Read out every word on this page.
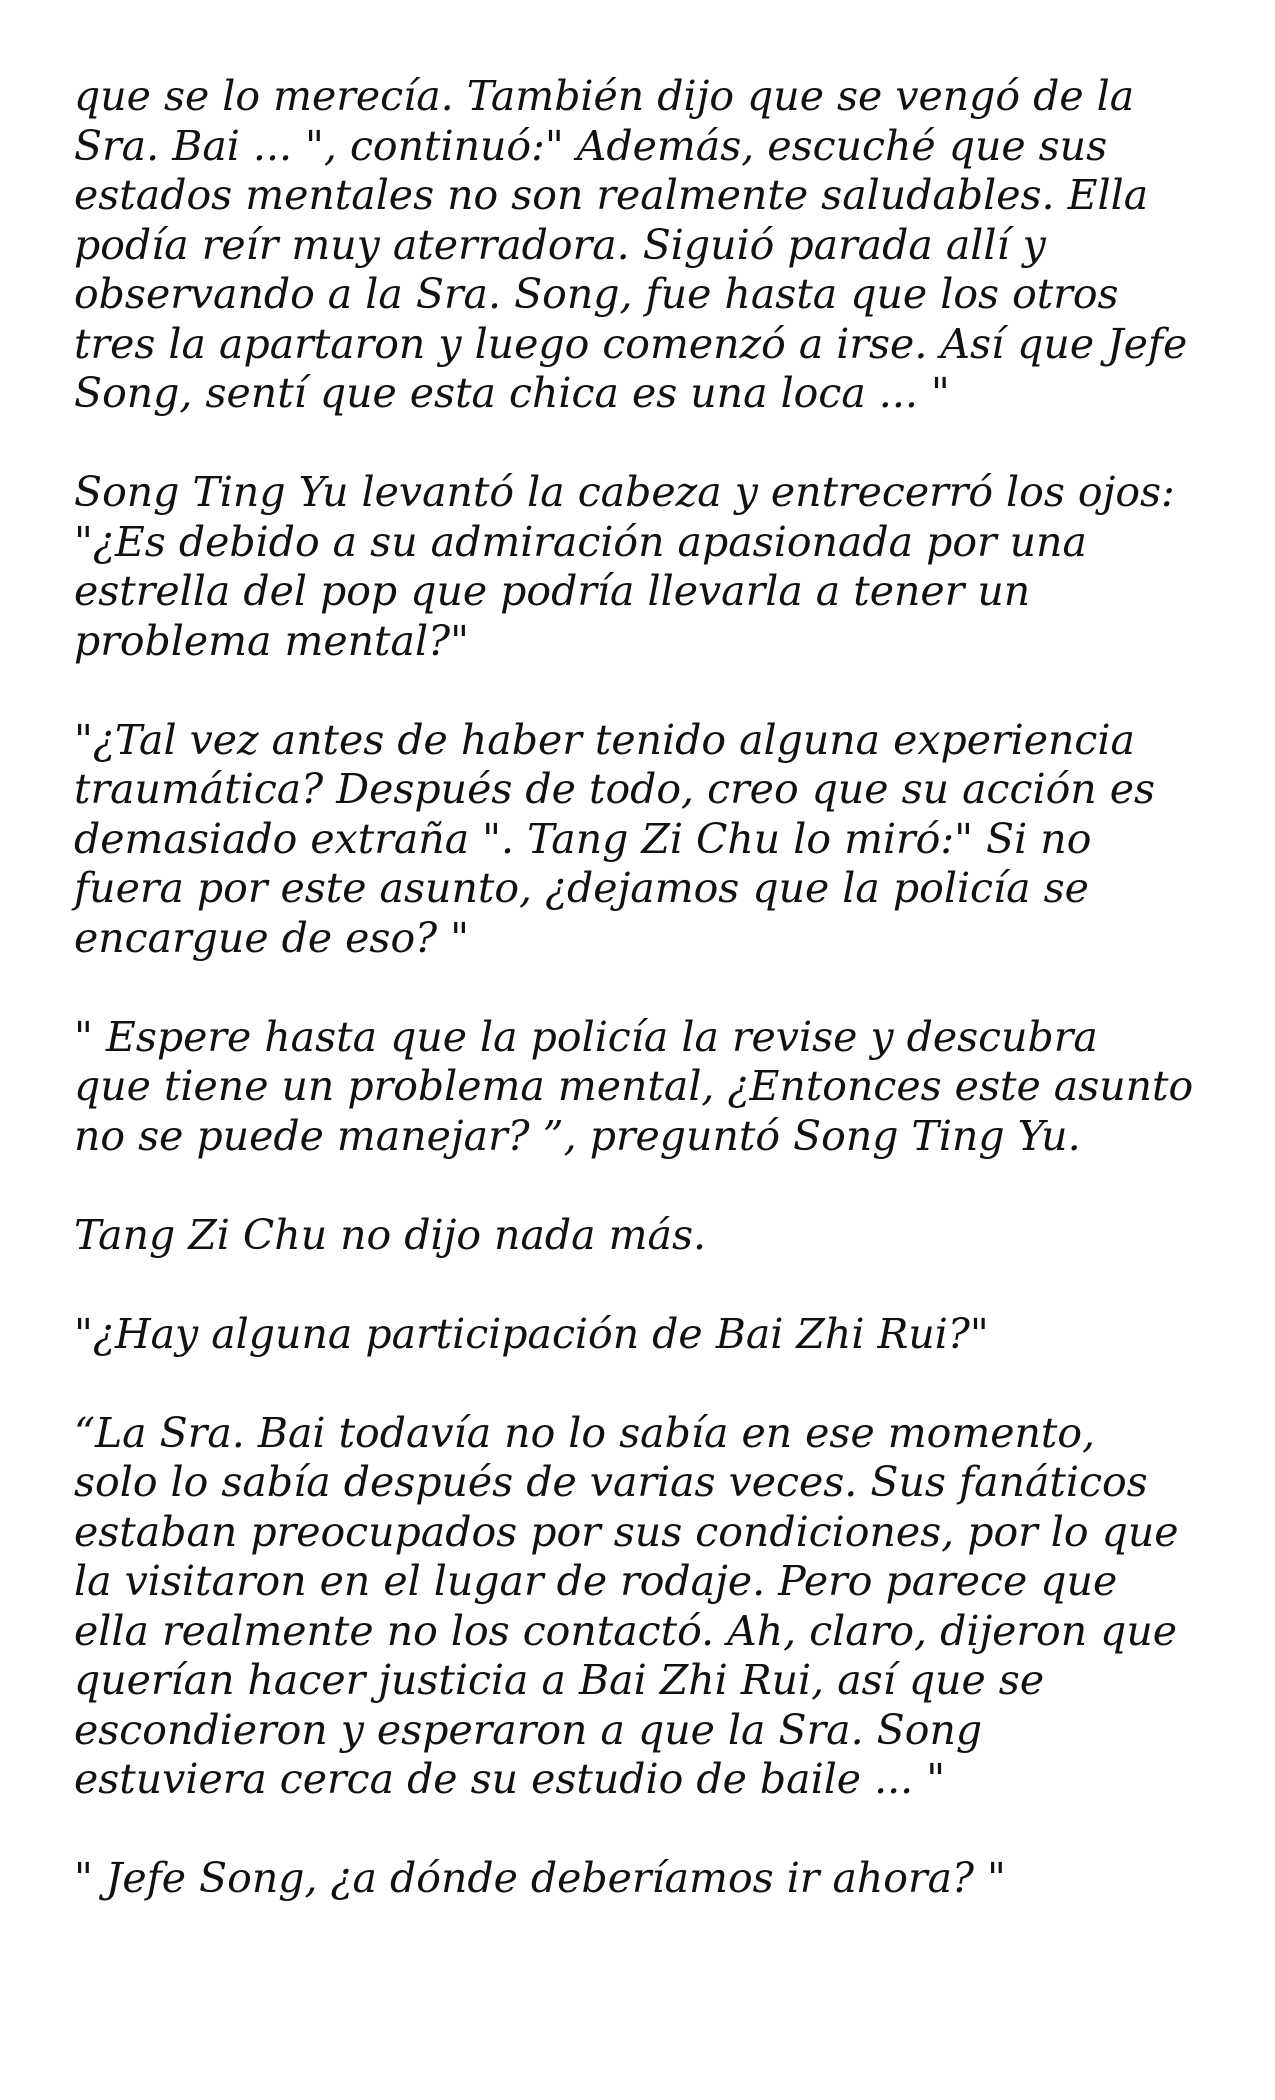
que se lo merecía. También dijo que se vengó de la
Sra. Bai ... ", continuó:" Además, escuché que sus
estados mentales no son realmente saludables. Ella
podía reír muy aterradora. Siguió parada allí y
observando a la Sra. Song, fue hasta que los otros
tres la apartaron y luego comenzó a irse. Así que Jefe
Song, sentí que esta chica es una loca ... "

Song Ting Yu levantó la cabeza y entrecerró los ojos:
"¿Es debido a su admiración apasionada por una
estrella del pop que podría llevarla a tener un
problema mental?"

"¿Tal vez antes de haber tenido alguna experiencia
traumática? Después de todo, creo que su acción es
demasiado extraña ". Tang Zi Chu lo miró:" Si no
fuera por este asunto, ¿dejamos que la policía se
encargue de eso? "

" Espere hasta que la policía la revise y descubra
que tiene un problema mental, ¿Entonces este asunto
no se puede manejar? ”, preguntó Song Ting Yu.

Tang Zi Chu no dijo nada más.

"¿Hay alguna participación de Bai Zhi Rui?"

“La Sra. Bai todavía no lo sabía en ese momento,
solo lo sabía después de varias veces. Sus fanáticos
estaban preocupados por sus condiciones, por lo que
la visitaron en el lugar de rodaje. Pero parece que
ella realmente no los contactó. Ah, claro, dijeron que
querían hacer justicia a Bai Zhi Rui, así que se
escondieron y esperaron a que la Sra. Song
estuviera cerca de su estudio de baile ... "

" Jefe Song, ¿a dónde deberíamos ir ahora? "
